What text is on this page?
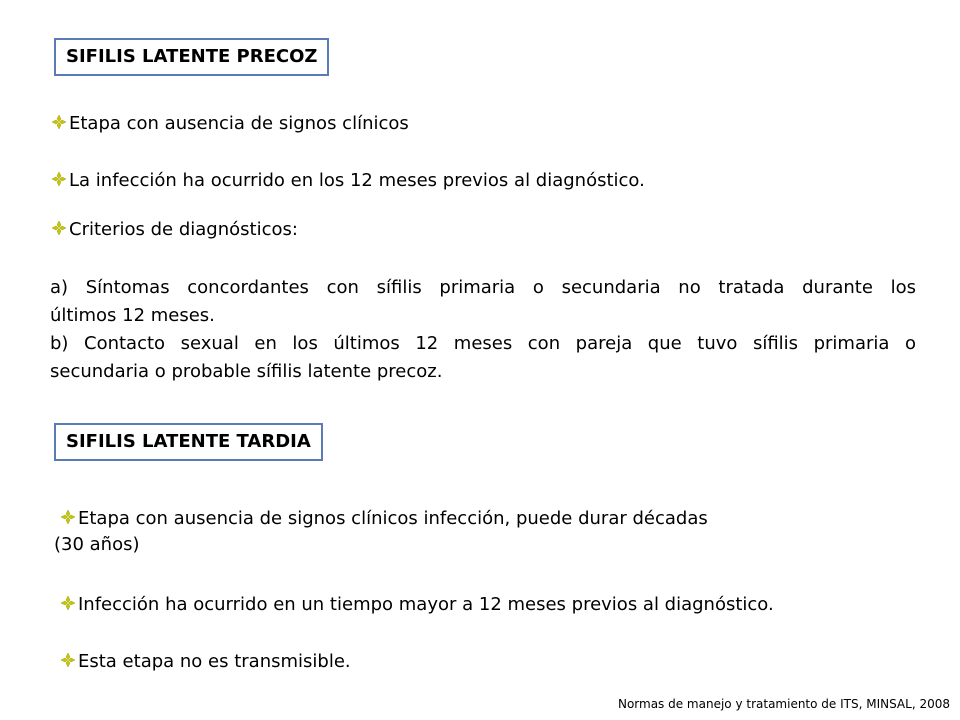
SIFILIS LATENTE PRECOZ
Etapa con ausencia de signos clínicos
La infección ha ocurrido en los 12 meses previos al diagnóstico.
Criterios de diagnósticos:
a) Síntomas concordantes con sífilis primaria o secundaria no tratada durante los
últimos 12 meses.
b) Contacto sexual en los últimos 12 meses con pareja que tuvo sífilis primaria o
secundaria o probable sífilis latente precoz.
SIFILIS LATENTE TARDIA
Etapa con ausencia de signos clínicos infección, puede durar décadas
(30 años)
Infección ha ocurrido en un tiempo mayor a 12 meses previos al diagnóstico.
Esta etapa no es transmisible.
Normas de manejo y tratamiento de ITS, MINSAL, 2008
